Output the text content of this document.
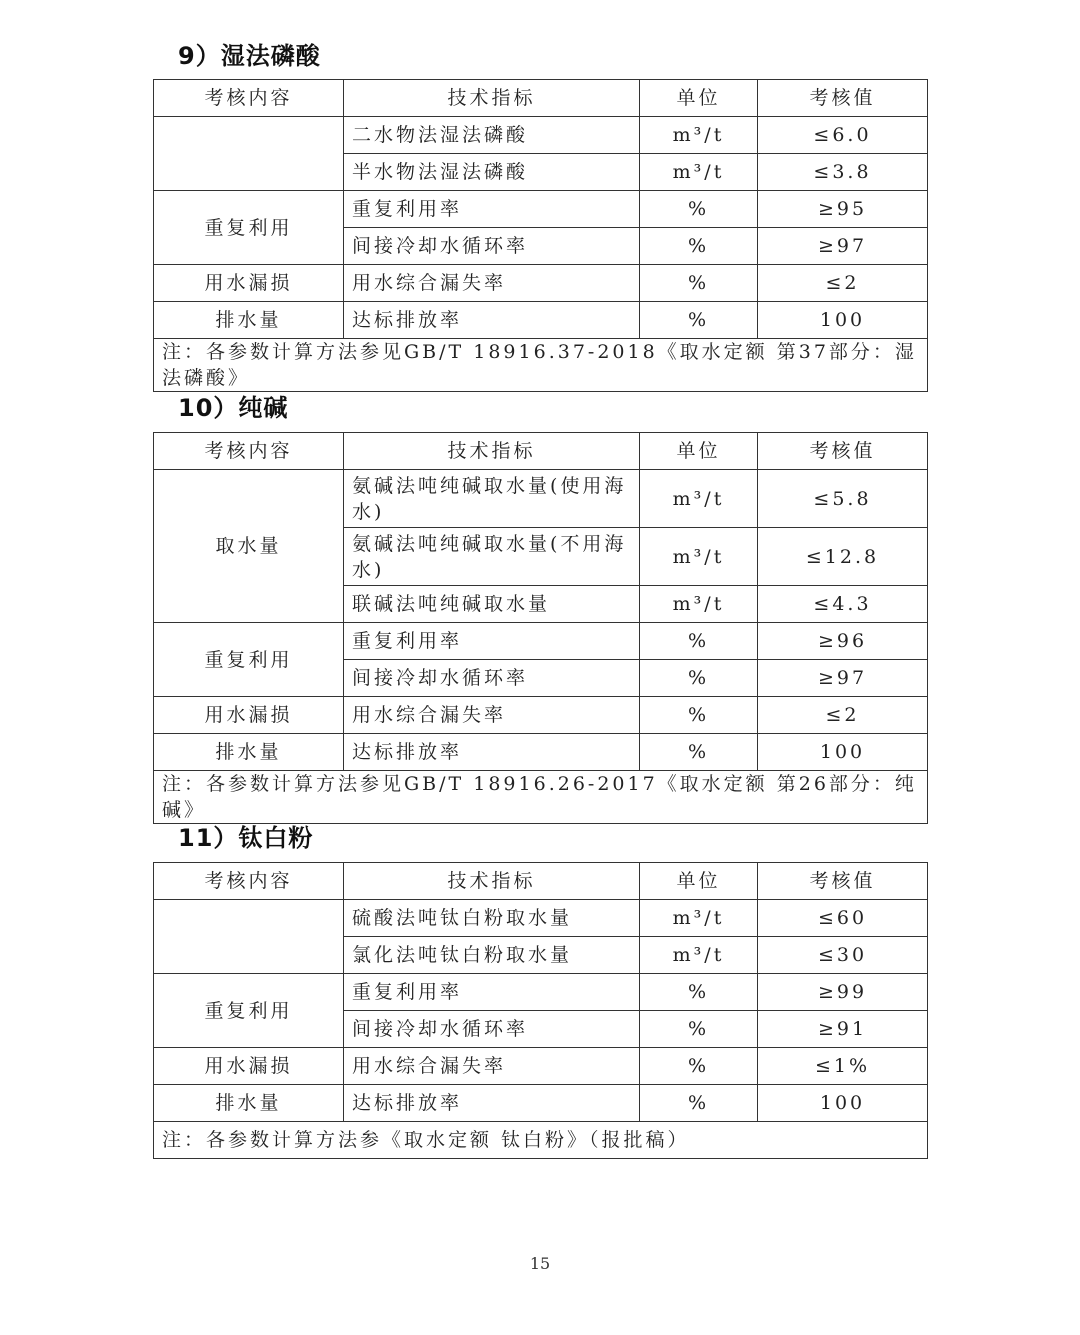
9）湿法磷酸
考核内容	技术指标	单位	考核值
	二水物法湿法磷酸	m³/t	≤6.0
	半水物法湿法磷酸	m³/t	≤3.8
重复利用	重复利用率	%	≥95
	间接冷却水循环率	%	≥97
用水漏损	用水综合漏失率	%	≤2
排水量	达标排放率	%	100
注：各参数计算方法参见GB/T 18916.37-2018《取水定额 第37部分：湿法磷酸》			
10）纯碱
考核内容	技术指标	单位	考核值
取水量	氨碱法吨纯碱取水量(使用海水)	m³/t	≤5.8
	氨碱法吨纯碱取水量(不用海水)	m³/t	≤12.8
	联碱法吨纯碱取水量	m³/t	≤4.3
重复利用	重复利用率	%	≥96
	间接冷却水循环率	%	≥97
用水漏损	用水综合漏失率	%	≤2
排水量	达标排放率	%	100
注：各参数计算方法参见GB/T 18916.26-2017《取水定额 第26部分：纯碱》			
11）钛白粉
考核内容	技术指标	单位	考核值
	硫酸法吨钛白粉取水量	m³/t	≤60
	氯化法吨钛白粉取水量	m³/t	≤30
重复利用	重复利用率	%	≥99
	间接冷却水循环率	%	≥91
用水漏损	用水综合漏失率	%	≤1%
排水量	达标排放率	%	100
注：各参数计算方法参《取水定额 钛白粉》（报批稿）			
15
